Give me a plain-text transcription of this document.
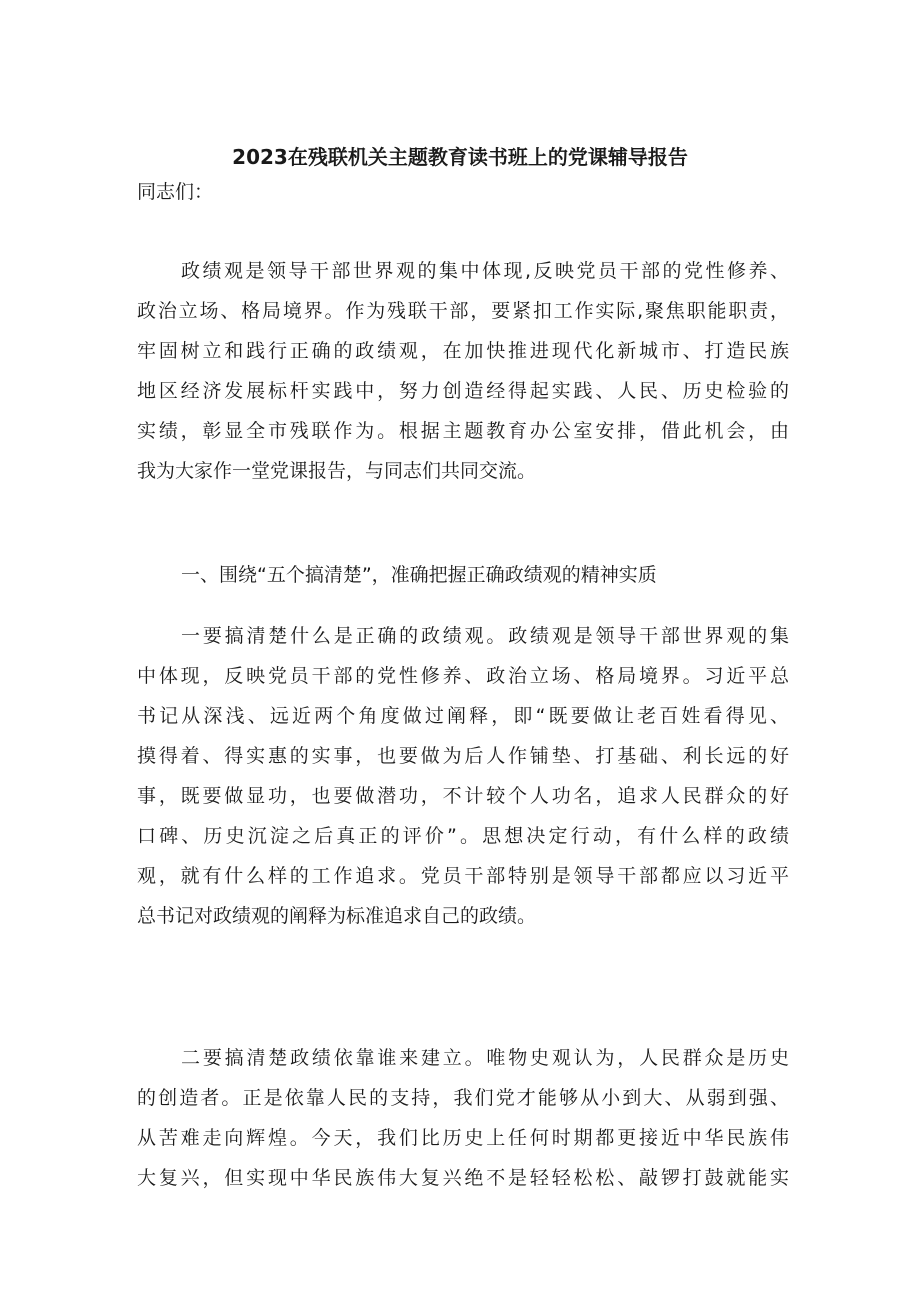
2023在残联机关主题教育读书班上的党课辅导报告
同志们：
政绩观是领导干部世界观的集中体现,反映党员干部的党性修养、
政治立场、格局境界。作为残联干部，要紧扣工作实际,聚焦职能职责，
牢固树立和践行正确的政绩观，在加快推进现代化新城市、打造民族
地区经济发展标杆实践中，努力创造经得起实践、人民、历史检验的
实绩，彰显全市残联作为。根据主题教育办公室安排，借此机会，由
我为大家作一堂党课报告，与同志们共同交流。
一、围绕“五个搞清楚”，准确把握正确政绩观的精神实质
一要搞清楚什么是正确的政绩观。政绩观是领导干部世界观的集
中体现，反映党员干部的党性修养、政治立场、格局境界。习近平总
书记从深浅、远近两个角度做过阐释，即“既要做让老百姓看得见、
摸得着、得实惠的实事，也要做为后人作铺垫、打基础、利长远的好
事，既要做显功，也要做潜功，不计较个人功名，追求人民群众的好
口碑、历史沉淀之后真正的评价”。思想决定行动，有什么样的政绩
观，就有什么样的工作追求。党员干部特别是领导干部都应以习近平
总书记对政绩观的阐释为标准追求自己的政绩。
二要搞清楚政绩依靠谁来建立。唯物史观认为，人民群众是历史
的创造者。正是依靠人民的支持，我们党才能够从小到大、从弱到强、
从苦难走向辉煌。今天，我们比历史上任何时期都更接近中华民族伟
大复兴，但实现中华民族伟大复兴绝不是轻轻松松、敲锣打鼓就能实
